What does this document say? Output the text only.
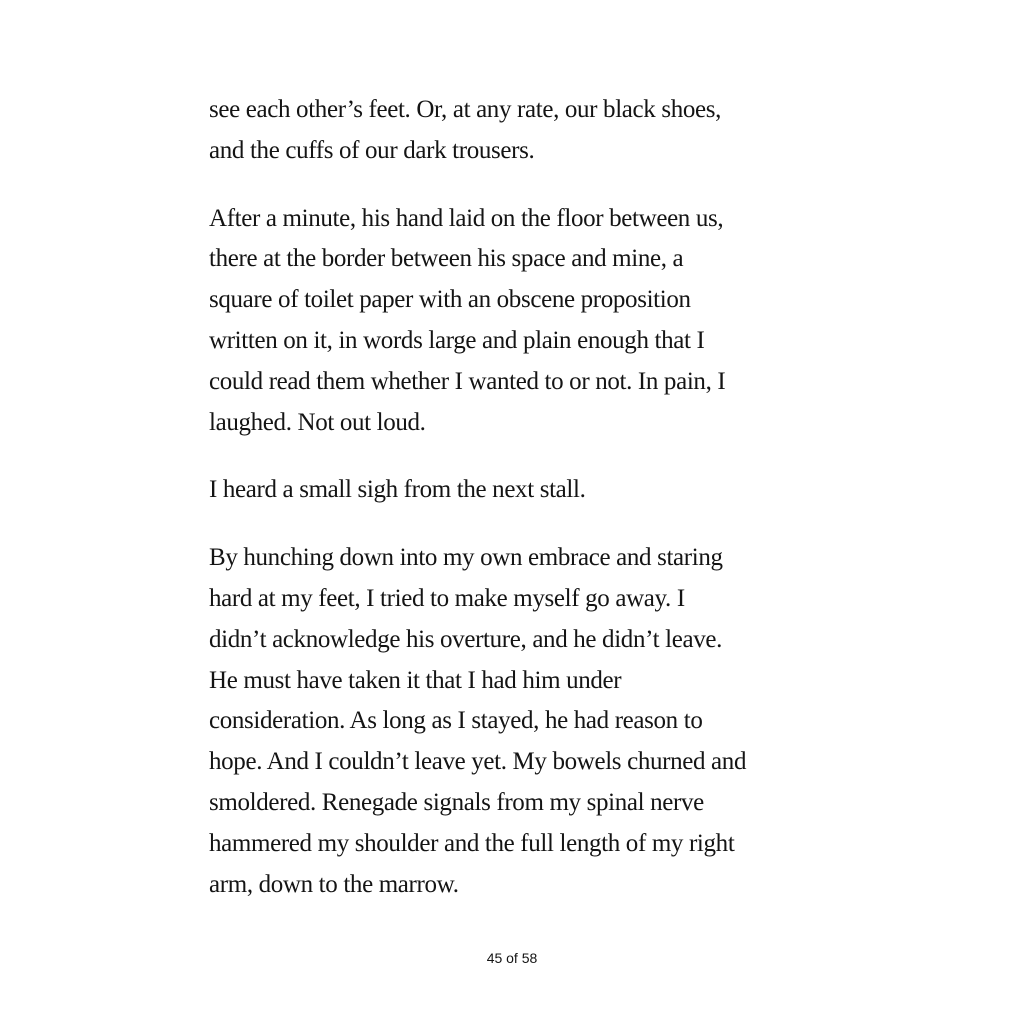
see each other’s feet. Or, at any rate, our black shoes,
and the cuffs of our dark trousers.

After a minute, his hand laid on the floor between us,
there at the border between his space and mine, a
square of toilet paper with an obscene proposition
written on it, in words large and plain enough that I
could read them whether I wanted to or not. In pain, I
laughed. Not out loud.

I heard a small sigh from the next stall.

By hunching down into my own embrace and staring
hard at my feet, I tried to make myself go away. I
didn’t acknowledge his overture, and he didn’t leave.
He must have taken it that I had him under
consideration. As long as I stayed, he had reason to
hope. And I couldn’t leave yet. My bowels churned and
smoldered. Renegade signals from my spinal nerve
hammered my shoulder and the full length of my right
arm, down to the marrow.

45 of 58
